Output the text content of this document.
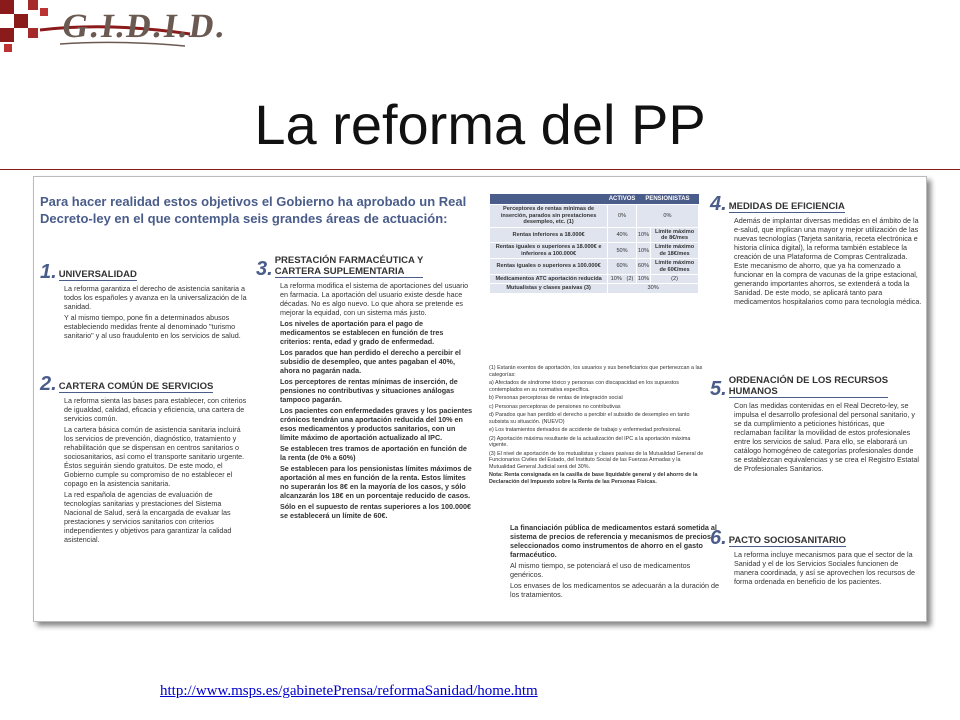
G.I.D.I.D.
La reforma del PP
Para hacer realidad estos objetivos el Gobierno ha aprobado un Real Decreto-ley en el que contempla seis grandes áreas de actuación:
1. UNIVERSALIDAD

La reforma garantiza el derecho de asistencia sanitaria a todos los españoles y avanza en la universalización de la sanidad.

Y al mismo tiempo, pone fin a determinados abusos estableciendo medidas frente al denominado "turismo sanitario" y al uso fraudulento en los servicios de salud.

2. CARTERA COMÚN DE SERVICIOS

La reforma sienta las bases para establecer, con criterios de igualdad, calidad, eficacia y eficiencia, una cartera de servicios común.

La cartera básica común de asistencia sanitaria incluirá los servicios de prevención, diagnóstico, tratamiento y rehabilitación que se dispensan en centros sanitarios o sociosanitarios, así como el transporte sanitario urgente. Éstos seguirán siendo gratuitos. De este modo, el Gobierno cumple su compromiso de no establecer el copago en la asistencia sanitaria.

La red española de agencias de evaluación de tecnologías sanitarias y prestaciones del Sistema Nacional de Salud, será la encargada de evaluar las prestaciones y servicios sanitarios con criterios independientes y objetivos para garantizar la calidad asistencial.

3. PRESTACIÓN FARMACÉUTICA Y
CARTERA SUPLEMENTARIA

La reforma modifica el sistema de aportaciones del usuario en farmacia. La aportación del usuario existe desde hace décadas. No es algo nuevo. Lo que ahora se pretende es mejorar la equidad, con un sistema más justo.

Los niveles de aportación para el pago de medicamentos se establecen en función de tres criterios: renta, edad y grado de enfermedad.

Los parados que han perdido el derecho a percibir el subsidio de desempleo, que antes pagaban el 40%, ahora no pagarán nada.

Los perceptores de rentas mínimas de inserción, de pensiones no contributivas y situaciones análogas tampoco pagarán.

Los pacientes con enfermedades graves y los pacientes crónicos tendrán una aportación reducida del 10% en esos medicamentos y productos sanitarios, con un límite máximo de aportación actualizado al IPC.

Se establecen tres tramos de aportación en función de la renta (de 0% a 60%)

Se establecen para los pensionistas límites máximos de aportación al mes en función de la renta. Estos límites no superarán los 8€ en la mayoría de los casos, y sólo alcanzarán los 18€ en un porcentaje reducido de casos.

Sólo en el supuesto de rentas superiores a los 100.000€ se establecerá un límite de 60€.

	ACTIVOS	PENSIONISTAS	
Perceptores de rentas mínimas de inserción, parados sin prestaciones desempleo, etc. (1)	0%	0%	
Rentas inferiores a 18.000€	40%	10%	Límite máximo de 8€/mes
Rentas iguales o superiores a 18.000€ e inferiores a 100.000€	50%	10%	Límite máximo de 18€/mes
Rentas iguales o superiores a 100.000€	60%	60%	Límite máximo de 60€/mes
Medicamentos ATC aportación reducida	10% (2)	10%	(2)
Mutualistas y clases pasivas (3)	30%		
(1) Estarán exentos de aportación, los usuarios y sus beneficiarios que pertenezcan a las categorías:
a) Afectados de síndrome tóxico y personas con discapacidad en los supuestos contemplados en su normativa específica.
b) Personas perceptoras de rentas de integración social
c) Personas perceptoras de pensiones no contributivas
d) Parados que han perdido el derecho a percibir el subsidio de desempleo en tanto subsista su situación. (NUEVO)
e) Los tratamientos derivados de accidente de trabajo y enfermedad profesional.
(2) Aportación máxima resultante de la actualización del IPC a la aportación máxima vigente.
(3) El nivel de aportación de los mutualistas y clases pasivas de la Mutualidad General de Funcionarios Civiles del Estado, del Instituto Social de las Fuerzas Armadas y la Mutualidad General Judicial será del 30%.
Nota: Renta consignada en la casilla de base liquidable general y del ahorro de la Declaración del Impuesto sobre la Renta de las Personas Físicas.

La financiación pública de medicamentos estará sometida al sistema de precios de referencia y mecanismos de precios seleccionados como instrumentos de ahorro en el gasto farmacéutico.

Al mismo tiempo, se potenciará el uso de medicamentos genéricos.

Los envases de los medicamentos se adecuarán a la duración de los tratamientos.

4. MEDIDAS DE EFICIENCIA

Además de implantar diversas medidas en el ámbito de la e-salud, que implican una mayor y mejor utilización de las nuevas tecnologías (Tarjeta sanitaria, receta electrónica e historia clínica digital), la reforma también establece la creación de una Plataforma de Compras Centralizada. Este mecanismo de ahorro, que ya ha comenzado a funcionar en la compra de vacunas de la gripe estacional, generando importantes ahorros, se extenderá a toda la Sanidad. De este modo, se aplicará tanto para medicamentos hospitalarios como para tecnología médica.

5. ORDENACIÓN DE LOS RECURSOS
HUMANOS

Con las medidas contenidas en el Real Decreto-ley, se impulsa el desarrollo profesional del personal sanitario, y se da cumplimiento a peticiones históricas, que reclamaban facilitar la movilidad de estos profesionales entre los servicios de salud. Para ello, se elaborará un catálogo homogéneo de categorías profesionales donde se establezcan equivalencias y se crea el Registro Estatal de Profesionales Sanitarios.

6. PACTO SOCIOSANITARIO

La reforma incluye mecanismos para que el sector de la Sanidad y el de los Servicios Sociales funcionen de manera coordinada, y así se aprovechen los recursos de forma ordenada en beneficio de los pacientes.

http://www.msps.es/gabinetePrensa/reformaSanidad/home.htm
